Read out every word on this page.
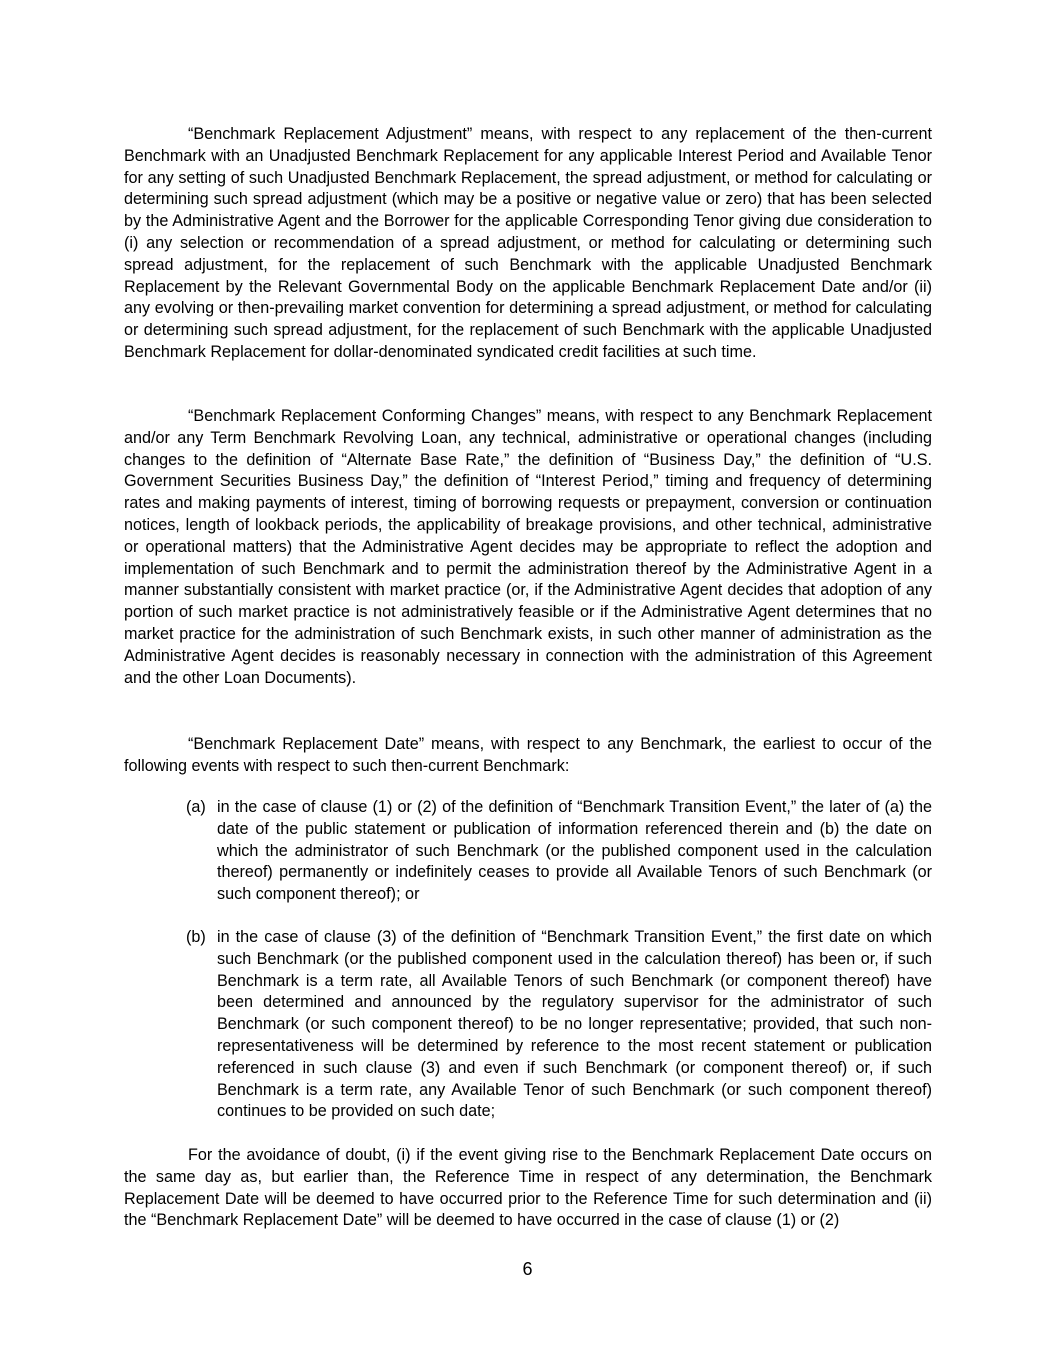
“Benchmark Replacement Adjustment” means, with respect to any replacement of the then-current Benchmark with an Unadjusted Benchmark Replacement for any applicable Interest Period and Available Tenor for any setting of such Unadjusted Benchmark Replacement, the spread adjustment, or method for calculating or determining such spread adjustment (which may be a positive or negative value or zero) that has been selected by the Administrative Agent and the Borrower for the applicable Corresponding Tenor giving due consideration to (i) any selection or recommendation of a spread adjustment, or method for calculating or determining such spread adjustment, for the replacement of such Benchmark with the applicable Unadjusted Benchmark Replacement by the Relevant Governmental Body on the applicable Benchmark Replacement Date and/or (ii) any evolving or then-prevailing market convention for determining a spread adjustment, or method for calculating or determining such spread adjustment, for the replacement of such Benchmark with the applicable Unadjusted Benchmark Replacement for dollar-denominated syndicated credit facilities at such time.

“Benchmark Replacement Conforming Changes” means, with respect to any Benchmark Replacement and/or any Term Benchmark Revolving Loan, any technical, administrative or operational changes (including changes to the definition of “Alternate Base Rate,” the definition of “Business Day,” the definition of “U.S. Government Securities Business Day,” the definition of “Interest Period,” timing and frequency of determining rates and making payments of interest, timing of borrowing requests or prepayment, conversion or continuation notices, length of lookback periods, the applicability of breakage provisions, and other technical, administrative or operational matters) that the Administrative Agent decides may be appropriate to reflect the adoption and implementation of such Benchmark and to permit the administration thereof by the Administrative Agent in a manner substantially consistent with market practice (or, if the Administrative Agent decides that adoption of any portion of such market practice is not administratively feasible or if the Administrative Agent determines that no market practice for the administration of such Benchmark exists, in such other manner of administration as the Administrative Agent decides is reasonably necessary in connection with the administration of this Agreement and the other Loan Documents).

“Benchmark Replacement Date” means, with respect to any Benchmark, the earliest to occur of the following events with respect to such then-current Benchmark:

(a) in the case of clause (1) or (2) of the definition of “Benchmark Transition Event,” the later of (a) the date of the public statement or publication of information referenced therein and (b) the date on which the administrator of such Benchmark (or the published component used in the calculation thereof) permanently or indefinitely ceases to provide all Available Tenors of such Benchmark (or such component thereof); or
(b) in the case of clause (3) of the definition of “Benchmark Transition Event,” the first date on which such Benchmark (or the published component used in the calculation thereof) has been or, if such Benchmark is a term rate, all Available Tenors of such Benchmark (or component thereof) have been determined and announced by the regulatory supervisor for the administrator of such Benchmark (or such component thereof) to be no longer representative; provided, that such non-representativeness will be determined by reference to the most recent statement or publication referenced in such clause (3) and even if such Benchmark (or component thereof) or, if such Benchmark is a term rate, any Available Tenor of such Benchmark (or such component thereof) continues to be provided on such date;

For the avoidance of doubt, (i) if the event giving rise to the Benchmark Replacement Date occurs on the same day as, but earlier than, the Reference Time in respect of any determination, the Benchmark Replacement Date will be deemed to have occurred prior to the Reference Time for such determination and (ii) the “Benchmark Replacement Date” will be deemed to have occurred in the case of clause (1) or (2)

6
